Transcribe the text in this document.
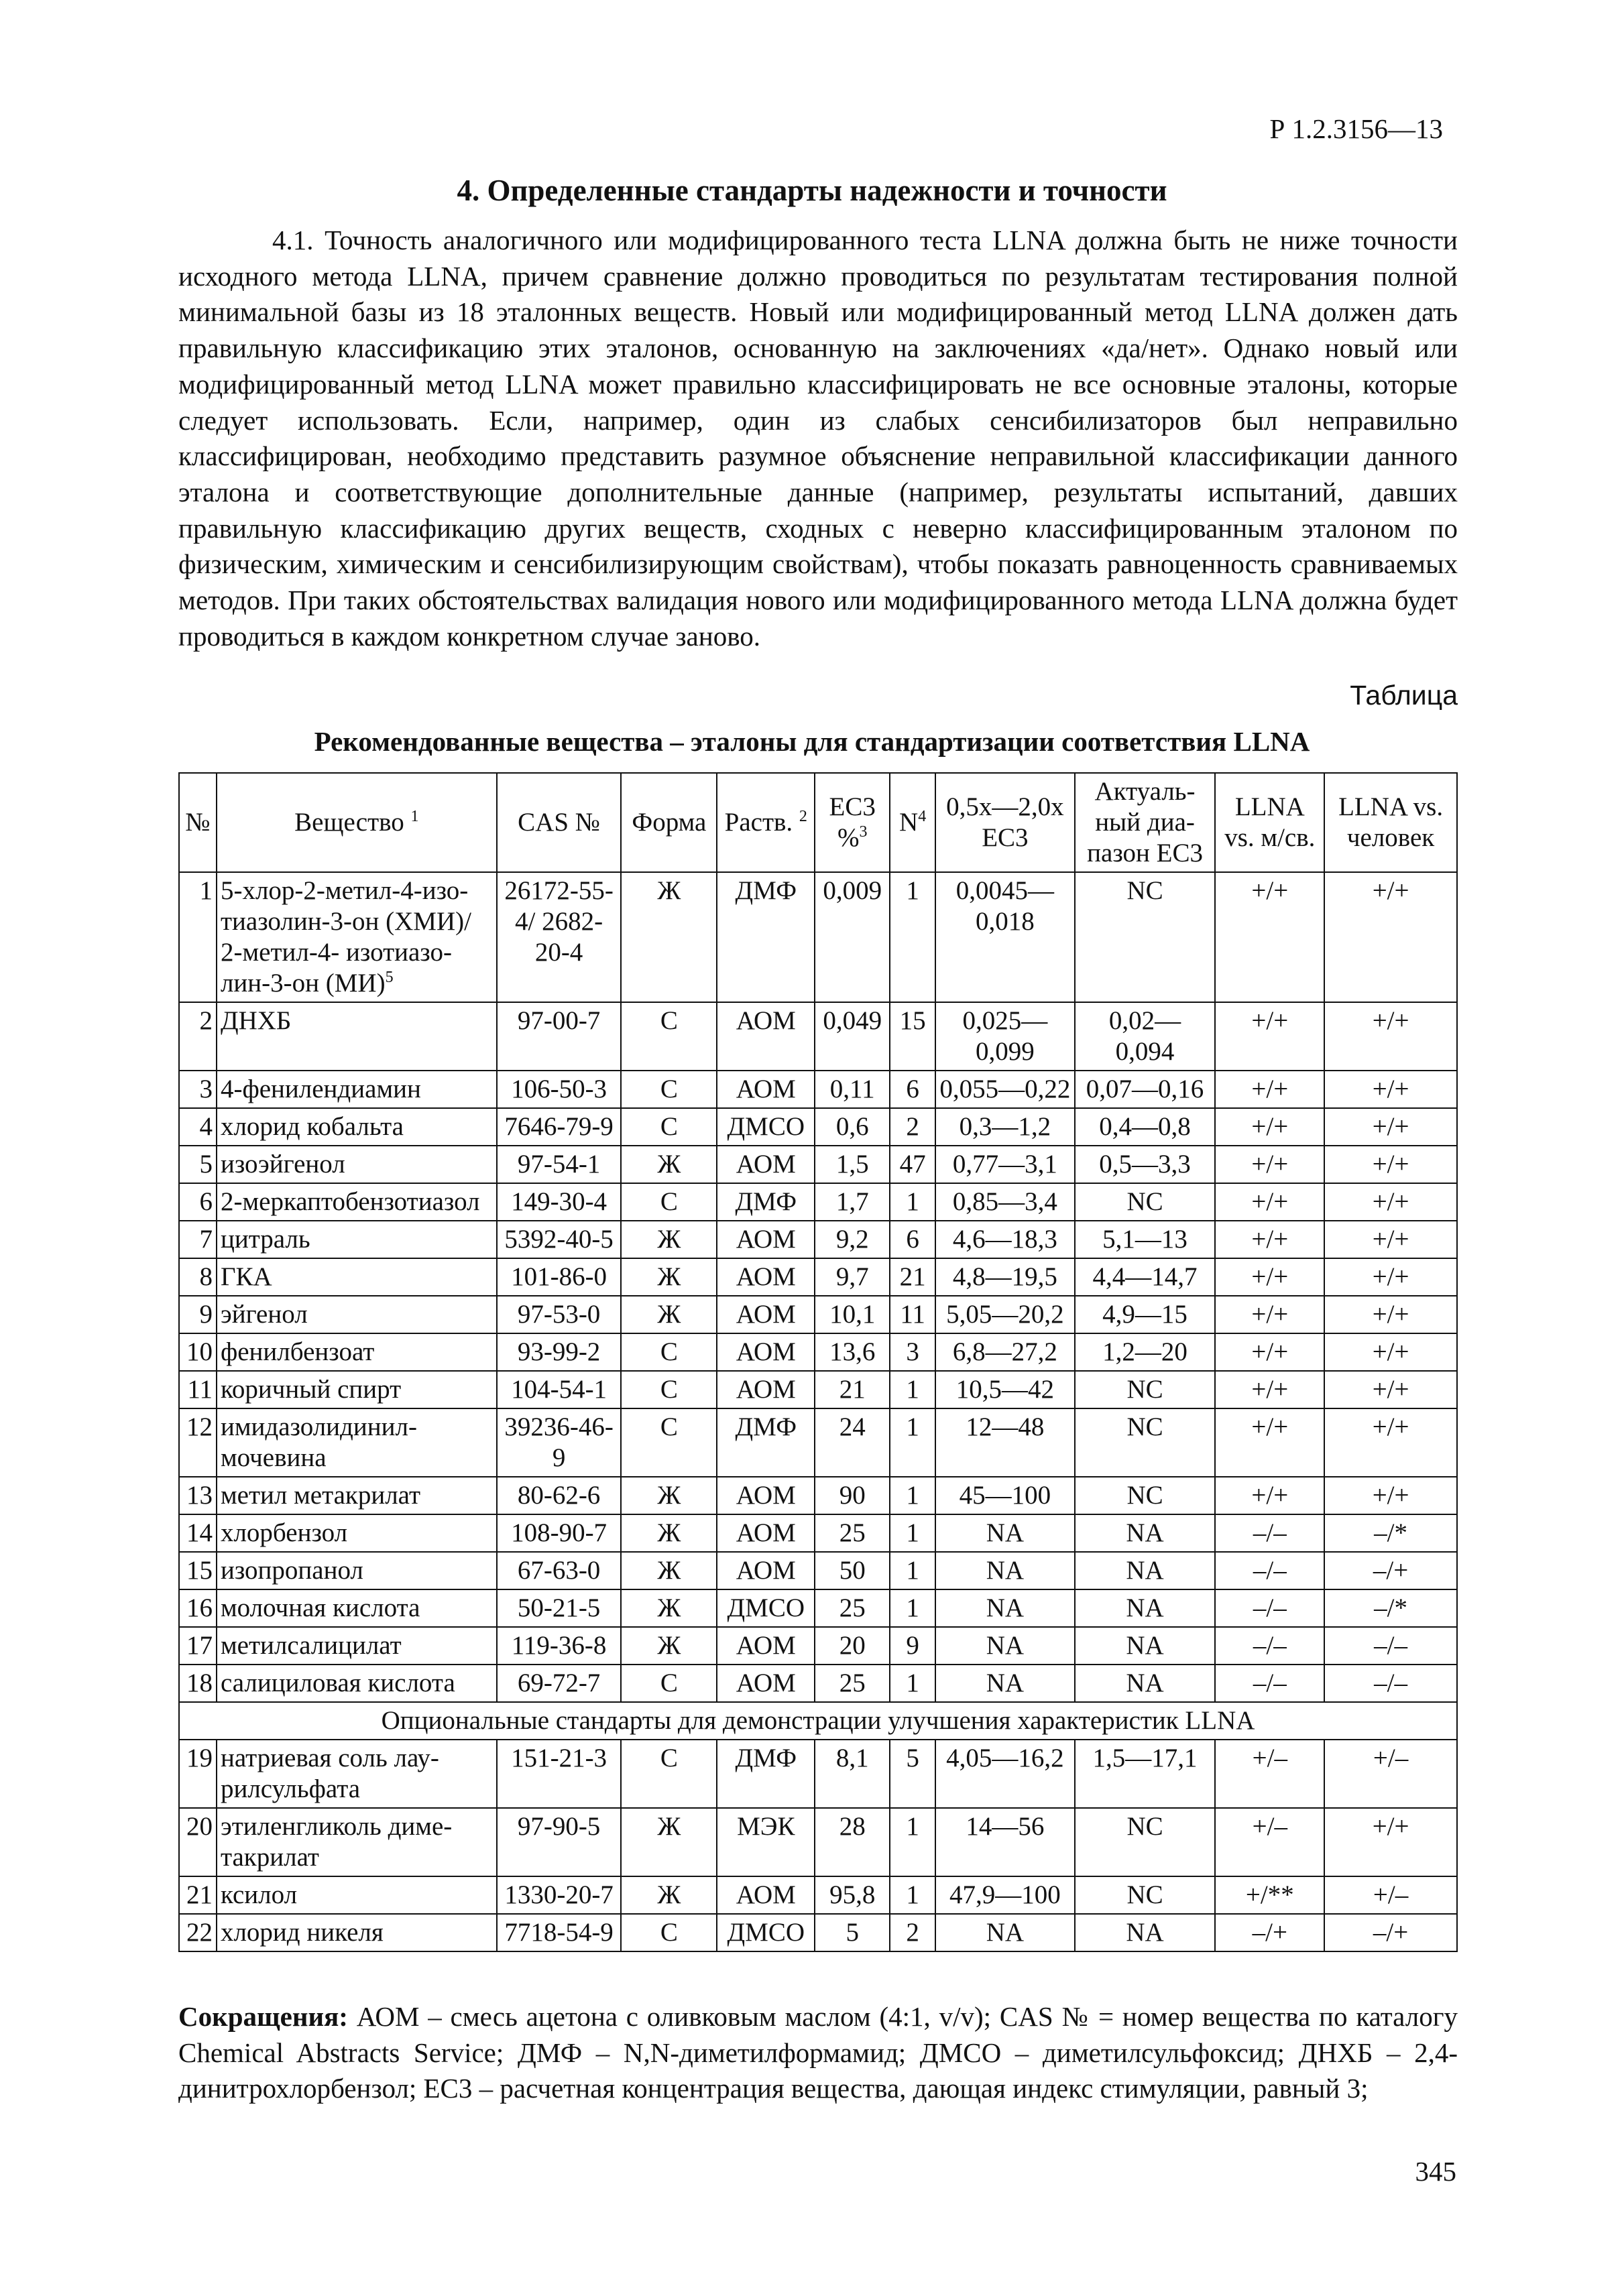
Р 1.2.3156—13
4. Определенные стандарты надежности и точности

4.1. Точность аналогичного или модифицированного теста LLNA должна быть не ниже точности исходного метода LLNA, причем сравнение должно проводиться по результатам тестирования полной минимальной базы из 18 эталонных веществ. Новый или модифицированный метод LLNA должен дать правильную классификацию этих эталонов, основанную на заключениях «да/нет». Однако новый или модифицированный метод LLNA может правильно классифицировать не все основные эталоны, которые следует использовать. Если, например, один из слабых сенсибилизаторов был неправильно классифицирован, необходимо представить разумное объяснение неправильной классификации данного эталона и соответствующие дополнительные данные (например, результаты испытаний, давших правильную классификацию других веществ, сходных с неверно классифицированным эталоном по физическим, химическим и сенсибилизирующим свойствам), чтобы показать равноценность сравниваемых методов. При таких обстоятельствах валидация нового или модифицированного метода LLNA должна будет проводиться в каждом конкретном случае заново.

Таблица
Рекомендованные вещества – эталоны для стандартизации соответствия LLNA
№	Вещество $^1$	CAS №	Форма	Раств. $^2$	EC3 %$^3$	$N^4$	0,5x—2,0x EC3	Актуаль-ный диа-пазон EC3	LLNA vs. м/св.	LLNA vs. человек
1	5-хлор-2-метил-4-изо-тиазолин-3-он (ХМИ)/ 2-метил-4- изотиазо-лин-3-он (МИ)$^5$	26172-55-4/ 2682-20-4	Ж	ДМФ	0,009	1	0,0045— 0,018	NC	+/+	+/+
2	ДНХБ	97-00-7	С	АОМ	0,049	15	0,025— 0,099	0,02— 0,094	+/+	+/+
3	4-фенилендиамин	106-50-3	С	АОМ	0,11	6	0,055—0,22	0,07—0,16	+/+	+/+
4	хлорид кобальта	7646-79-9	С	ДМСО	0,6	2	0,3—1,2	0,4—0,8	+/+	+/+
5	изоэйгенол	97-54-1	Ж	АОМ	1,5	47	0,77—3,1	0,5—3,3	+/+	+/+
6	2-меркаптобензотиазол	149-30-4	С	ДМФ	1,7	1	0,85—3,4	NC	+/+	+/+
7	цитраль	5392-40-5	Ж	АОМ	9,2	6	4,6—18,3	5,1—13	+/+	+/+
8	ГКА	101-86-0	Ж	АОМ	9,7	21	4,8—19,5	4,4—14,7	+/+	+/+
9	эйгенол	97-53-0	Ж	АОМ	10,1	11	5,05—20,2	4,9—15	+/+	+/+
10	фенилбензоат	93-99-2	С	АОМ	13,6	3	6,8—27,2	1,2—20	+/+	+/+
11	коричный спирт	104-54-1	С	АОМ	21	1	10,5—42	NC	+/+	+/+
12	имидазолидинил-мочевина	39236-46-9	С	ДМФ	24	1	12—48	NC	+/+	+/+
13	метил метакрилат	80-62-6	Ж	АОМ	90	1	45—100	NC	+/+	+/+
14	хлорбензол	108-90-7	Ж	АОМ	25	1	NA	NA	–/–	–/*
15	изопропанол	67-63-0	Ж	АОМ	50	1	NA	NA	–/–	–/+
16	молочная кислота	50-21-5	Ж	ДМСО	25	1	NA	NA	–/–	–/*
17	метилсалицилат	119-36-8	Ж	АОМ	20	9	NA	NA	–/–	–/–
18	салициловая кислота	69-72-7	С	АОМ	25	1	NA	NA	–/–	–/–
Опциональные стандарты для демонстрации улучшения характеристик LLNA										
19	натриевая соль лау-рилсульфата	151-21-3	С	ДМФ	8,1	5	4,05—16,2	1,5—17,1	+/–	+/–
20	этиленгликоль диме-такрилат	97-90-5	Ж	МЭК	28	1	14—56	NC	+/–	+/+
21	ксилол	1330-20-7	Ж	АОМ	95,8	1	47,9—100	NC	+/**	+/–
22	хлорид никеля	7718-54-9	С	ДМСО	5	2	NA	NA	–/+	–/+
Сокращения: АОМ – смесь ацетона с оливковым маслом (4:1, v/v); CAS № = номер вещества по каталогу Chemical Abstracts Service; ДМФ – N,N-диметилформамид; ДМСО – диметилсульфоксид; ДНХБ – 2,4-динитрохлорбензол; EC3 – расчетная концентрация вещества, дающая индекс стимуляции, равный 3;
345
